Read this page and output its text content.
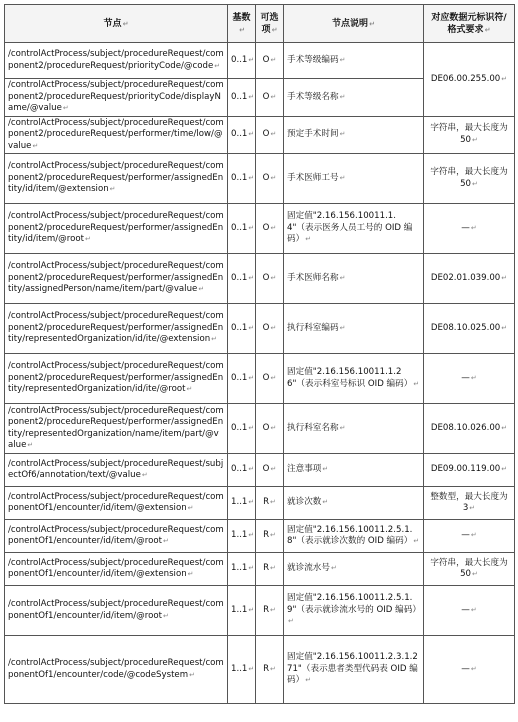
节点↵	基数↵	可选项↵	节点说明↵	对应数据元标识符/格式要求↵
/controlActProcess/subject/procedureRequest/component2/procedureRequest/priorityCode/@code↵	0..1↵	O↵	手术等级编码↵	DE06.00.255.00↵
/controlActProcess/subject/procedureRequest/component2/procedureRequest/priorityCode/displayName/@value↵	0..1↵	O↵	手术等级名称↵	
/controlActProcess/subject/procedureRequest/component2/procedureRequest/performer/time/low/@value↵	0..1↵	O↵	预定手术时间↵	字符串，最大长度为 50↵
/controlActProcess/subject/procedureRequest/component2/procedureRequest/performer/assignedEntity/id/item/@extension↵	0..1↵	O↵	手术医师工号↵	字符串，最大长度为 50↵
/controlActProcess/subject/procedureRequest/component2/procedureRequest/performer/assignedEntity/id/item/@root↵	0..1↵	O↵	固定值"2.16.156.10011.1.4"（表示医务人员工号的 OID 编码）↵	—↵
/controlActProcess/subject/procedureRequest/component2/procedureRequest/performer/assignedEntity/assignedPerson/name/item/part/@value↵	0..1↵	O↵	手术医师名称↵	DE02.01.039.00↵
/controlActProcess/subject/procedureRequest/component2/procedureRequest/performer/assignedEntity/representedOrganization/id/ite/@extension↵	0..1↵	O↵	执行科室编码↵	DE08.10.025.00↵
/controlActProcess/subject/procedureRequest/component2/procedureRequest/performer/assignedEntity/representedOrganization/id/ite/@root↵	0..1↵	O↵	固定值"2.16.156.10011.1.26"（表示科室号标识 OID 编码）↵	—↵
/controlActProcess/subject/procedureRequest/component2/procedureRequest/performer/assignedEntity/representedOrganization/name/item/part/@value↵	0..1↵	O↵	执行科室名称↵	DE08.10.026.00↵
/controlActProcess/subject/procedureRequest/subjectOf6/annotation/text/@value↵	0..1↵	O↵	注意事项↵	DE09.00.119.00↵
/controlActProcess/subject/procedureRequest/componentOf1/encounter/id/item/@extension↵	1..1↵	R↵	就诊次数↵	整数型，最大长度为 3↵
/controlActProcess/subject/procedureRequest/componentOf1/encounter/id/item/@root↵	1..1↵	R↵	固定值"2.16.156.10011.2.5.1.8"（表示就诊次数的 OID 编码）↵	—↵
/controlActProcess/subject/procedureRequest/componentOf1/encounter/id/item/@extension↵	1..1↵	R↵	就诊流水号↵	字符串，最大长度为 50↵
/controlActProcess/subject/procedureRequest/componentOf1/encounter/id/item/@root↵	1..1↵	R↵	固定值"2.16.156.10011.2.5.1.9"（表示就诊流水号的 OID 编码）↵	—↵
/controlActProcess/subject/procedureRequest/componentOf1/encounter/code/@codeSystem↵	1..1↵	R↵	固定值"2.16.156.10011.2.3.1.271"（表示患者类型代码表 OID 编码）↵	—↵
